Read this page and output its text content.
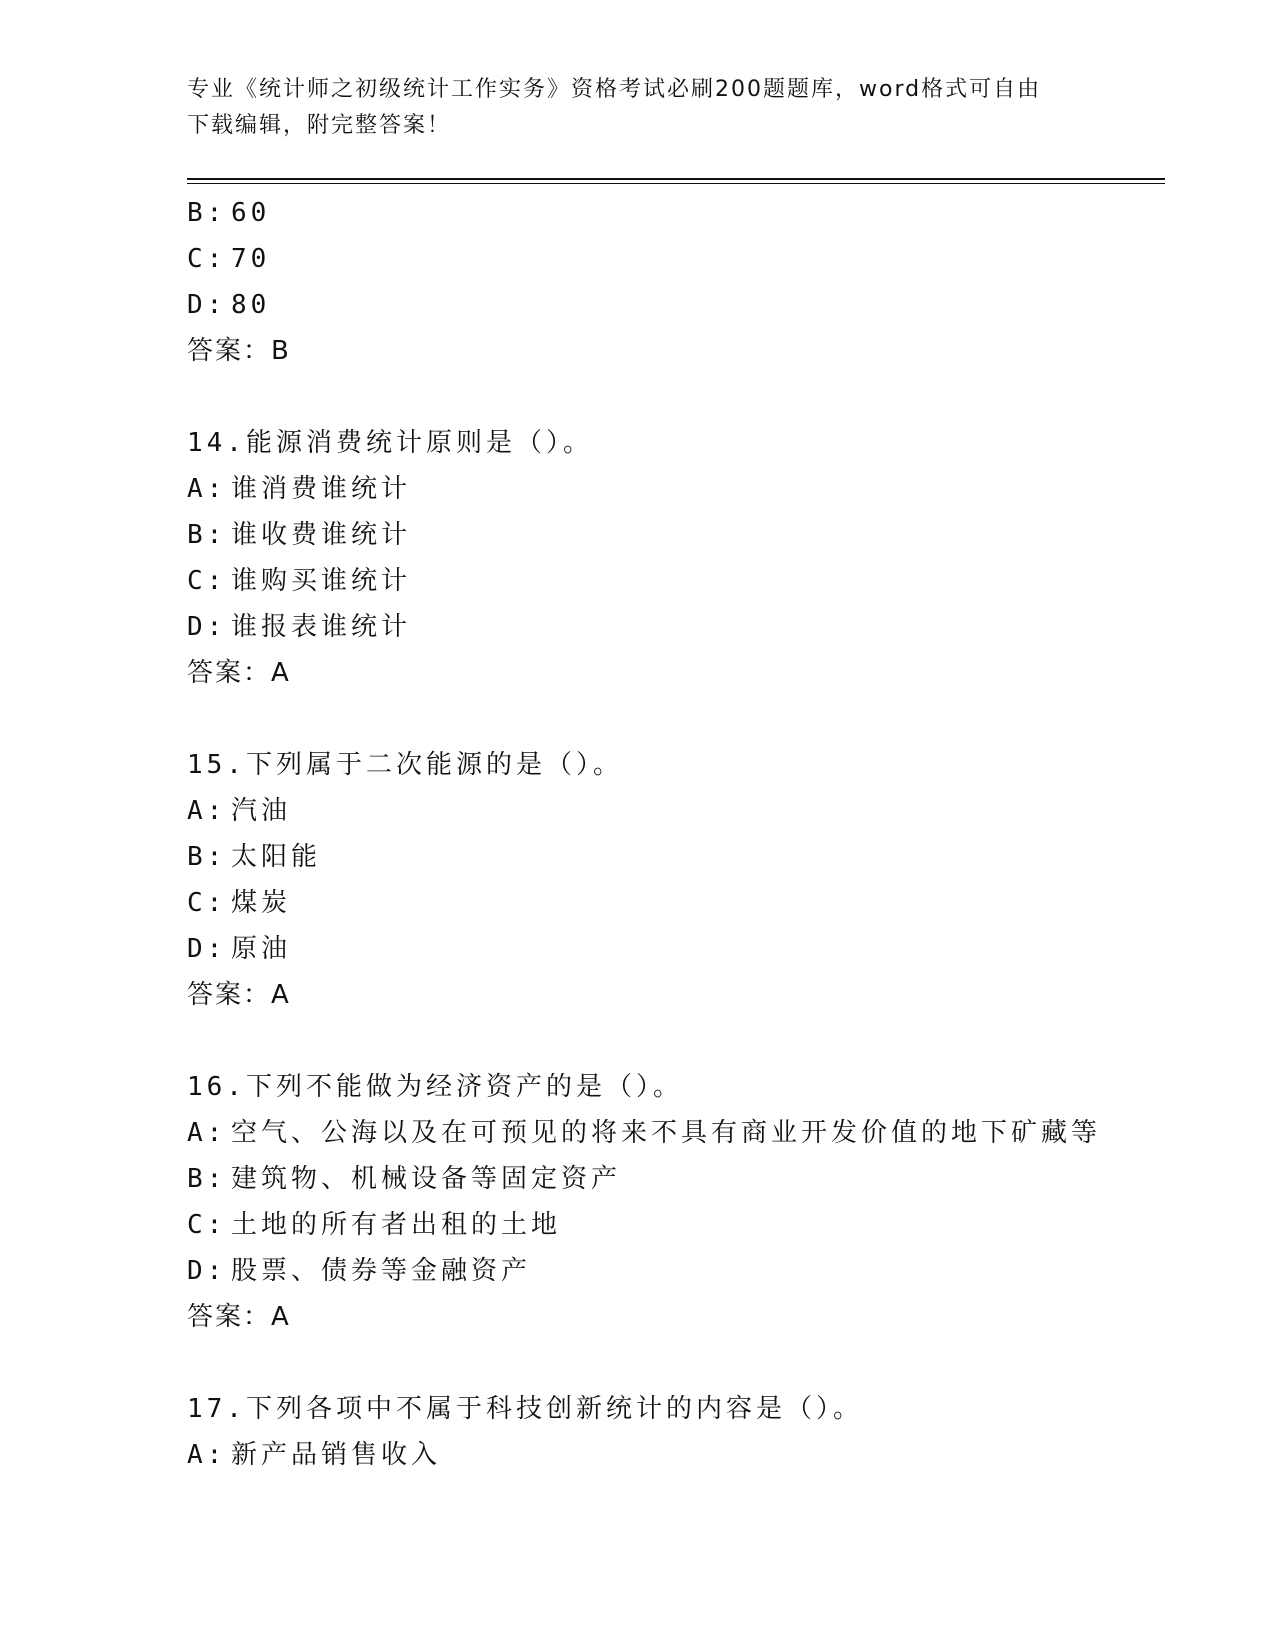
专业《统计师之初级统计工作实务》资格考试必刷200题题库，word格式可自由
下载编辑，附完整答案！
B: 60
C: 70
D: 80
答案：B
14.能源消费统计原则是（）。
A: 谁消费谁统计
B: 谁收费谁统计
C: 谁购买谁统计
D: 谁报表谁统计
答案：A
15.下列属于二次能源的是（）。
A: 汽油
B: 太阳能
C: 煤炭
D: 原油
答案：A
16.下列不能做为经济资产的是（）。
A: 空气、公海以及在可预见的将来不具有商业开发价值的地下矿藏等
B: 建筑物、机械设备等固定资产
C: 土地的所有者出租的土地
D: 股票、债券等金融资产
答案：A
17.下列各项中不属于科技创新统计的内容是（）。
A: 新产品销售收入
